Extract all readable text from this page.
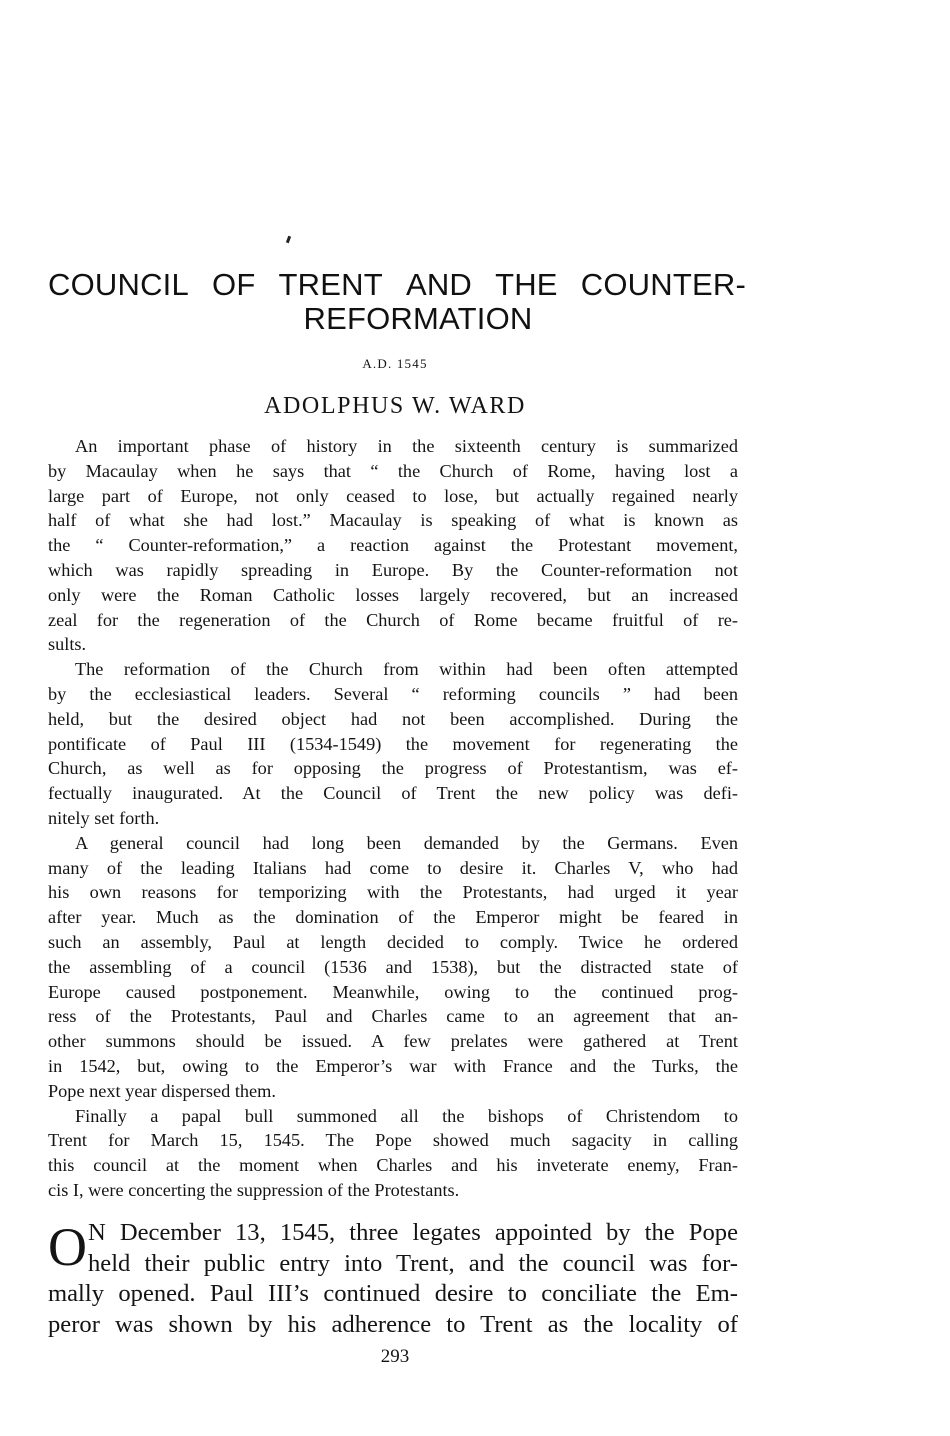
COUNCIL OF TRENT AND THE COUNTER-
REFORMATION
A.D. 1545
ADOLPHUS W. WARD
An important phase of history in the sixteenth century is summarized
by Macaulay when he says that “ the Church of Rome, having lost a
large part of Europe, not only ceased to lose, but actually regained nearly
half of what she had lost.” Macaulay is speaking of what is known as
the “ Counter-reformation,” a reaction against the Protestant movement,
which was rapidly spreading in Europe. By the Counter-reformation not
only were the Roman Catholic losses largely recovered, but an increased
zeal for the regeneration of the Church of Rome became fruitful of re-
sults.
The reformation of the Church from within had been often attempted
by the ecclesiastical leaders. Several “ reforming councils ” had been
held, but the desired object had not been accomplished. During the
pontificate of Paul III (1534-1549) the movement for regenerating the
Church, as well as for opposing the progress of Protestantism, was ef-
fectually inaugurated. At the Council of Trent the new policy was defi-
nitely set forth.
A general council had long been demanded by the Germans. Even
many of the leading Italians had come to desire it. Charles V, who had
his own reasons for temporizing with the Protestants, had urged it year
after year. Much as the domination of the Emperor might be feared in
such an assembly, Paul at length decided to comply. Twice he ordered
the assembling of a council (1536 and 1538), but the distracted state of
Europe caused postponement. Meanwhile, owing to the continued prog-
ress of the Protestants, Paul and Charles came to an agreement that an-
other summons should be issued. A few prelates were gathered at Trent
in 1542, but, owing to the Emperor’s war with France and the Turks, the
Pope next year dispersed them.
Finally a papal bull summoned all the bishops of Christendom to
Trent for March 15, 1545. The Pope showed much sagacity in calling
this council at the moment when Charles and his inveterate enemy, Fran-
cis I, were concerting the suppression of the Protestants.
O N December 13, 1545, three legates appointed by the Pope
held their public entry into Trent, and the council was for-
mally opened. Paul III’s continued desire to conciliate the Em-
peror was shown by his adherence to Trent as the locality of
293
